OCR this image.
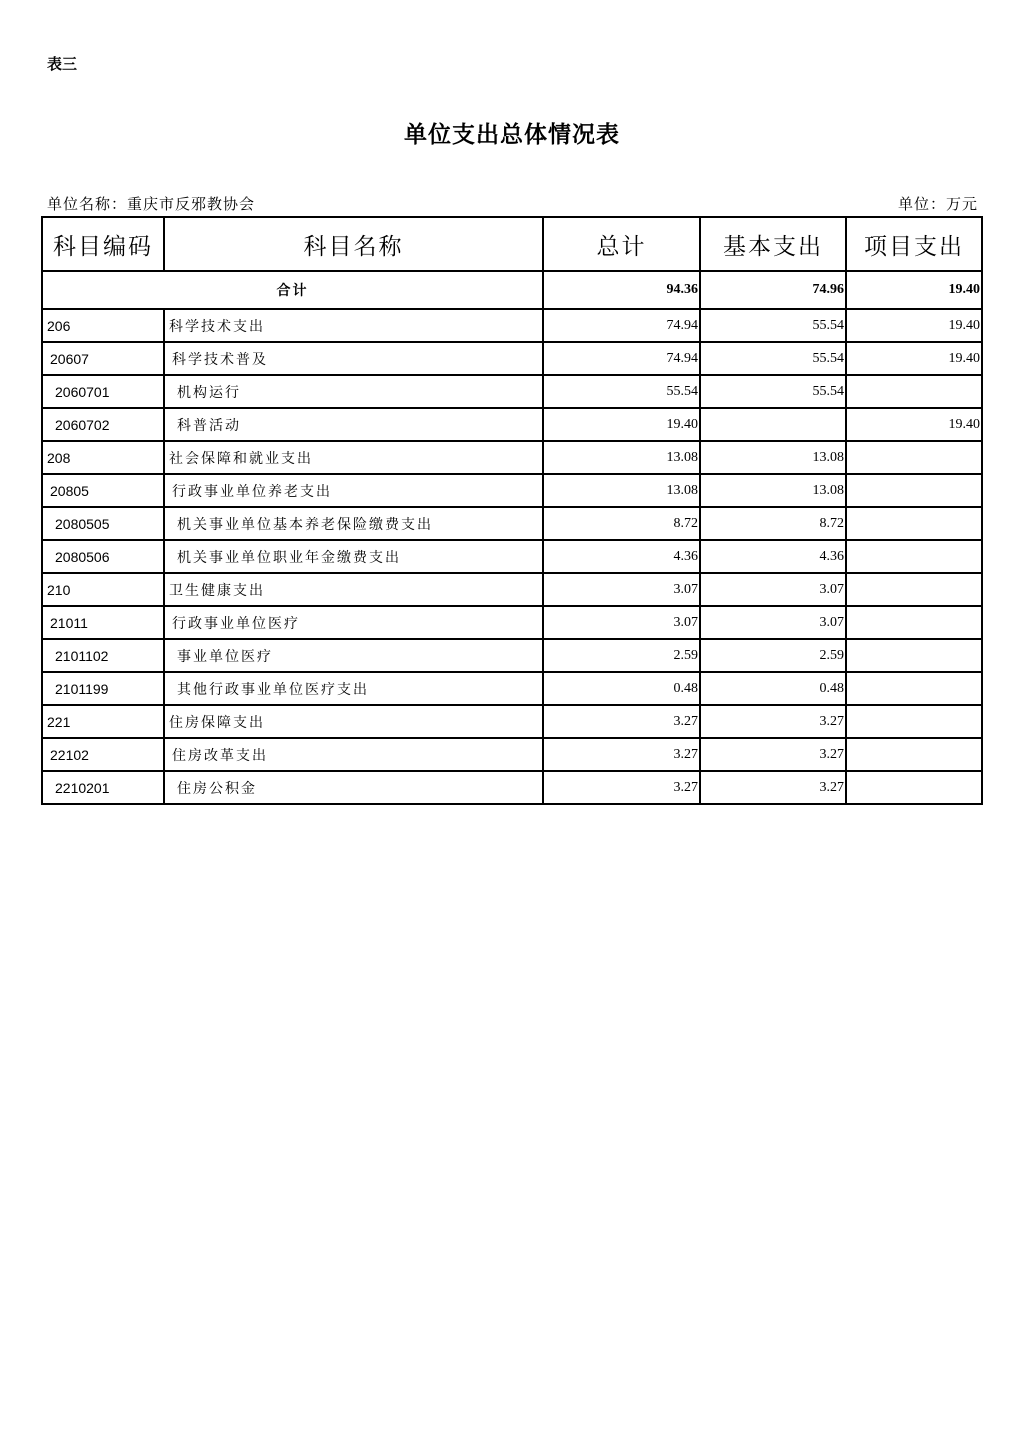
表三
单位支出总体情况表
单位名称：重庆市反邪教协会	单位：万元
科目编码	科目名称	总计	基本支出	项目支出
合计		94.36	74.96	19.40
206	科学技术支出	74.94	55.54	19.40
20607	科学技术普及	74.94	55.54	19.40
2060701	机构运行	55.54	55.54	
2060702	科普活动	19.40		19.40
208	社会保障和就业支出	13.08	13.08	
20805	行政事业单位养老支出	13.08	13.08	
2080505	机关事业单位基本养老保险缴费支出	8.72	8.72	
2080506	机关事业单位职业年金缴费支出	4.36	4.36	
210	卫生健康支出	3.07	3.07	
21011	行政事业单位医疗	3.07	3.07	
2101102	事业单位医疗	2.59	2.59	
2101199	其他行政事业单位医疗支出	0.48	0.48	
221	住房保障支出	3.27	3.27	
22102	住房改革支出	3.27	3.27	
2210201	住房公积金	3.27	3.27	
